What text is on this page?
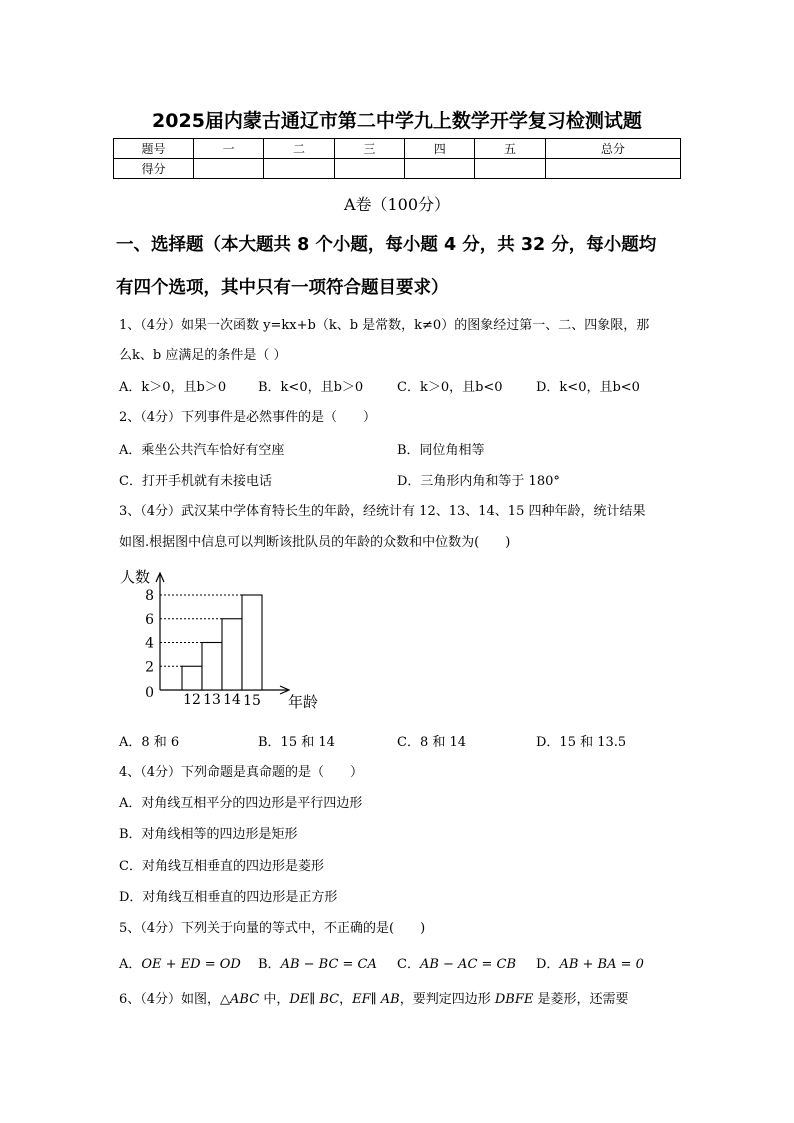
2025届内蒙古通辽市第二中学九上数学开学复习检测试题
题号	一	二	三	四	五	总分
得分						
A卷（100分）
一、选择题（本大题共 8 个小题，每小题 4 分，共 32 分，每小题均
有四个选项，其中只有一项符合题目要求）
1、（4分）如果一次函数 y=kx+b（k、b 是常数，k≠0）的图象经过第一、二、四象限，那
么k、b 应满足的条件是（ ）
A．k＞0，且b＞0 B．k<0，且b＞0	C．k＞0，且b<0	D．k<0，且b<0
2、（4分）下列事件是必然事件的是（　　）
A．乘坐公共汽车恰好有空座	B．同位角相等
C．打开手机就有未接电话	D．三角形内角和等于 180°
3、（4分）武汉某中学体育特长生的年龄，经统计有 12、13、14、15 四种年龄，统计结果
如图.根据图中信息可以判断该批队员的年龄的众数和中位数为(　　)
0
2
4
6
8
12 13 14 15
人数
年龄
A．8 和 6	B．15 和 14	C．8 和 14	D．15 和 13.5
4、（4分）下列命题是真命题的是（　　）
A．对角线互相平分的四边形是平行四边形
B．对角线相等的四边形是矩形
C．对角线互相垂直的四边形是菱形
D．对角线互相垂直的四边形是正方形
5、（4分）下列关于向量的等式中，不正确的是(　　)
A．OE + ED = OD B．AB − BC = CA C．AB − AC = CB D．AB + BA = 0
6、（4分）如图，△ABC 中，DE∥ BC，EF∥ AB，要判定四边形 DBFE 是菱形，还需要
